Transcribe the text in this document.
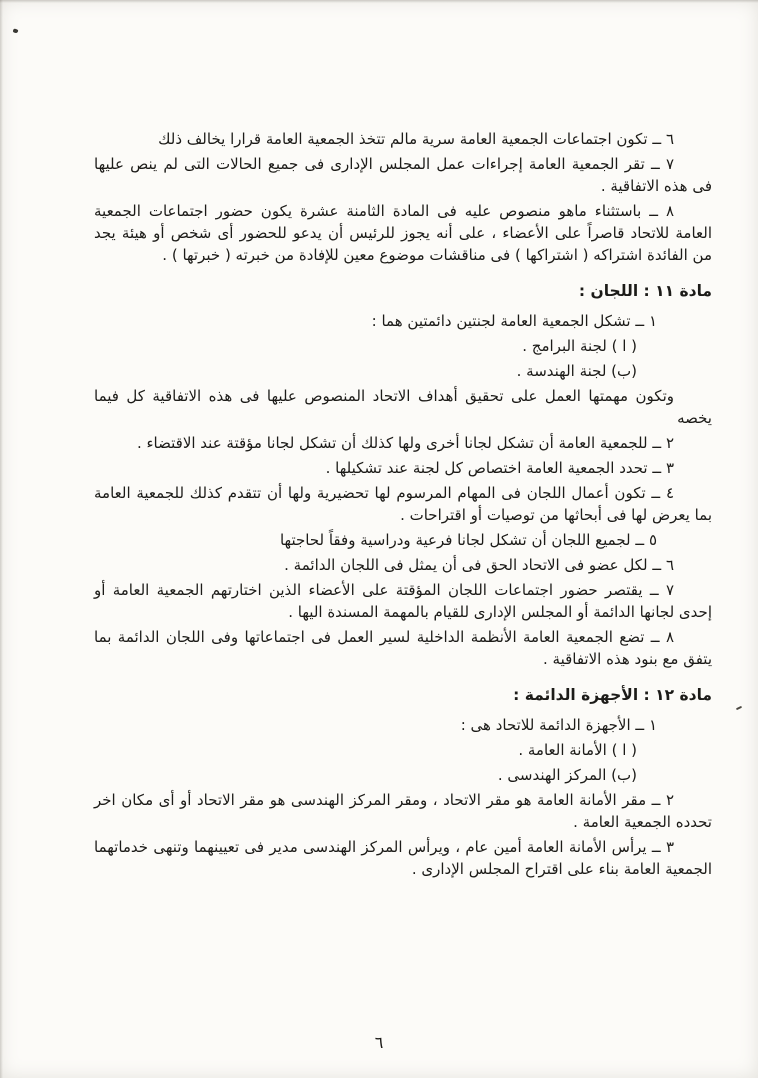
٦ ــ تكون اجتماعات الجمعية العامة سرية مالم تتخذ الجمعية العامة قرارا يخالف ذلك

٧ ــ تقر الجمعية العامة إجراءات عمل المجلس الإدارى فى جميع الحالات التى لم ينص عليها فى هذه الاتفاقية .

٨ ــ باستثناء ماهو منصوص عليه فى المادة الثامنة عشرة يكون حضور اجتماعات الجمعية العامة للاتحاد قاصراً على الأعضاء ، على أنه يجوز للرئيس أن يدعو للحضور أى شخص أو هيئة يجد من الفائدة اشتراكه ( اشتراكها ) فى مناقشات موضوع معين للإفادة من خبرته ( خبرتها ) .

مادة ١١ : اللجان :

١ ــ تشكل الجمعية العامة لجنتين دائمتين هما :

( ا ) لجنة البرامج .

(ب) لجنة الهندسة .

وتكون مهمتها العمل على تحقيق أهداف الاتحاد المنصوص عليها فى هذه الاتفاقية كل فيما يخصه

٢ ــ للجمعية العامة أن تشكل لجانا أخرى ولها كذلك أن تشكل لجانا مؤقتة عند الاقتضاء .

٣ ــ تحدد الجمعية العامة اختصاص كل لجنة عند تشكيلها .

٤ ــ تكون أعمال اللجان فى المهام المرسوم لها تحضيرية ولها أن تتقدم كذلك للجمعية العامة بما يعرض لها فى أبحاثها من توصيات أو اقتراحات .

٥ ــ لجميع اللجان أن تشكل لجانا فرعية ودراسية وفقاً لحاجتها

٦ ــ لكل عضو فى الاتحاد الحق فى أن يمثل فى اللجان الدائمة .

٧ ــ يقتصر حضور اجتماعات اللجان المؤقتة على الأعضاء الذين اختارتهم الجمعية العامة أو إحدى لجانها الدائمة أو المجلس الإدارى للقيام بالمهمة المسندة اليها .

٨ ــ تضع الجمعية العامة الأنظمة الداخلية لسير العمل فى اجتماعاتها وفى اللجان الدائمة بما يتفق مع بنود هذه الاتفاقية .

مادة ١٢ : الأجهزة الدائمة :

١ ــ الأجهزة الدائمة للاتحاد هى :

( ا ) الأمانة العامة .

(ب) المركز الهندسى .

٢ ــ مقر الأمانة العامة هو مقر الاتحاد ، ومقر المركز الهندسى هو مقر الاتحاد أو أى مكان اخر تحدده الجمعية العامة .

٣ ــ يرأس الأمانة العامة أمين عام ، ويرأس المركز الهندسى مدير فى تعيينهما وتنهى خدماتهما الجمعية العامة بناء على اقتراح المجلس الإدارى .

٦
